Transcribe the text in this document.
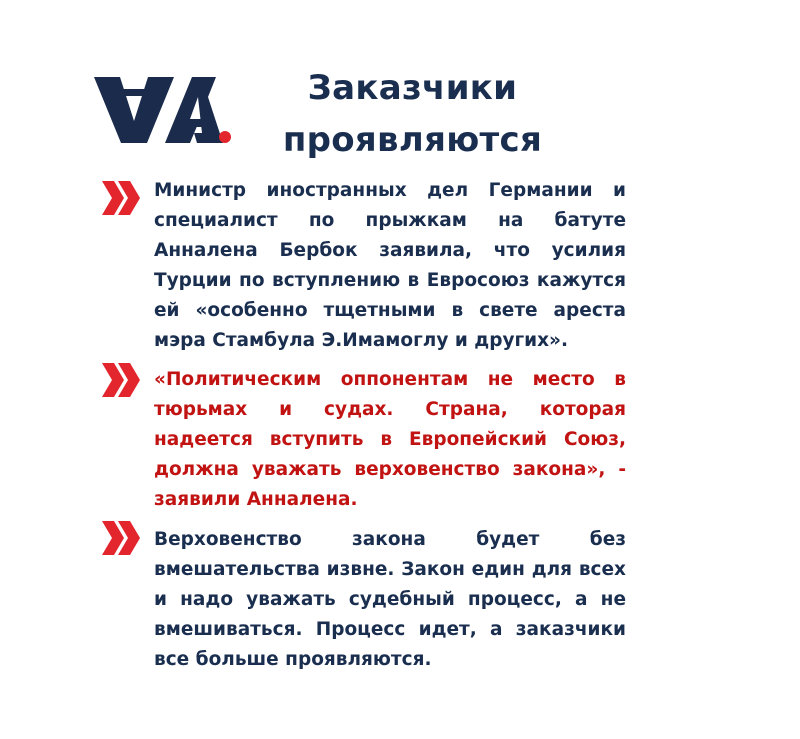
Заказчики
проявляются
Министр иностранных дел Германии и специалист по прыжкам на батуте Анналена Бербок заявила, что усилия Турции по вступлению в Евросоюз кажутся ей «особенно тщетными в свете ареста мэра Стамбула Э.Имамоглу и других».
«Политическим оппонентам не место в тюрьмах и судах. Страна, которая надеется вступить в Европейский Союз, должна уважать верховенство закона», - заявили Анналена.
Верховенство закона будет без вмешательства извне. Закон един для всех и надо уважать судебный процесс, а не вмешиваться. Процесс идет, а заказчики все больше проявляются.
